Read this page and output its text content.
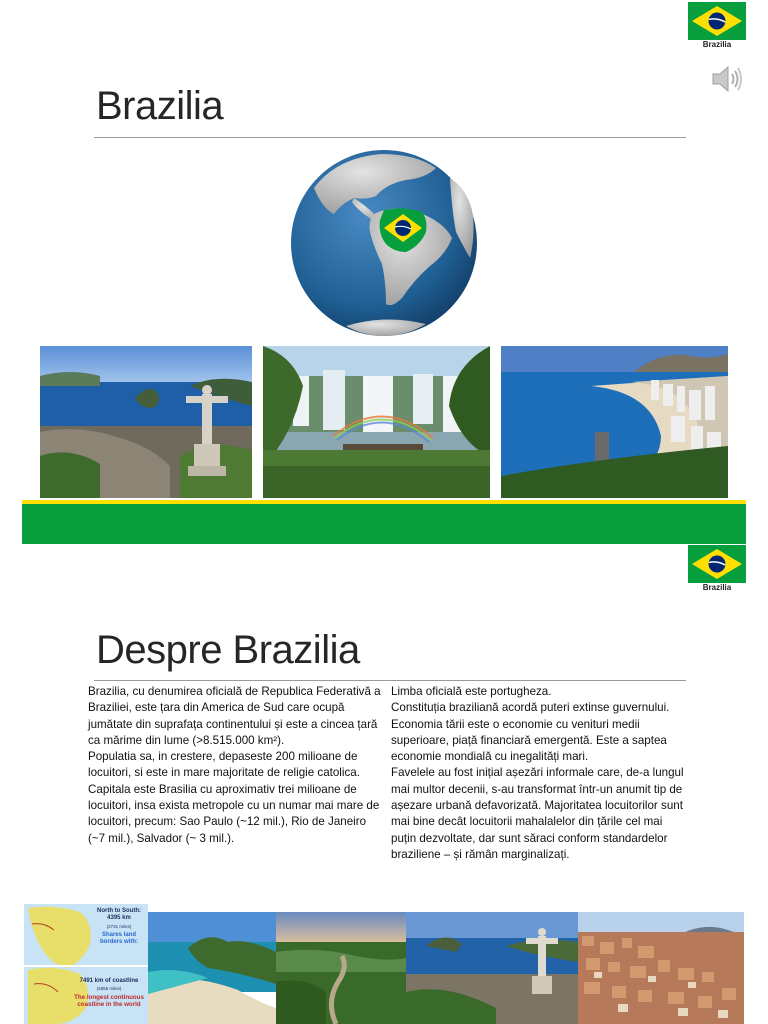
Brazilia
Brazilia
Brazilia
Despre Brazilia

Brazilia, cu denumirea oficială de Republica Federativă a Braziliei, este țara din America de Sud care ocupă jumătate din suprafața continentului și este a cincea țară ca mărime din lume (>8.515.000 km²).

Populatia sa, in crestere, depaseste 200 milioane de locuitori, si este in mare majoritate de religie catolica.

Capitala este Brasilia cu aproximativ trei milioane de locuitori, insa exista metropole cu un numar mai mare de locuitori, precum: Sao Paulo (~12 mil.), Rio de Janeiro (~7 mil.), Salvador (~ 3 mil.).

Limba oficială este portugheza.

Constituția braziliană acordă puteri extinse guvernului.

Economia tării este o economie cu venituri medii superioare, piață financiară emergentă. Este a saptea economie mondială cu inegalități mari.

Favelele au fost inițial așezări informale care, de-a lungul mai multor decenii, s-au transformat într-un anumit tip de așezare urbană defavorizată. Majoritatea locuitorilor sunt mai bine decât locuitorii mahalalelor din țările cel mai puțin dezvoltate, dar sunt săraci conform standardelor braziliene – și rămân marginalizați.

North to South: 4395 km
(2731 miles)
Shares land borders with:
7491 km of coastline
(4655 miles)
The longest continuous coastline in the world
